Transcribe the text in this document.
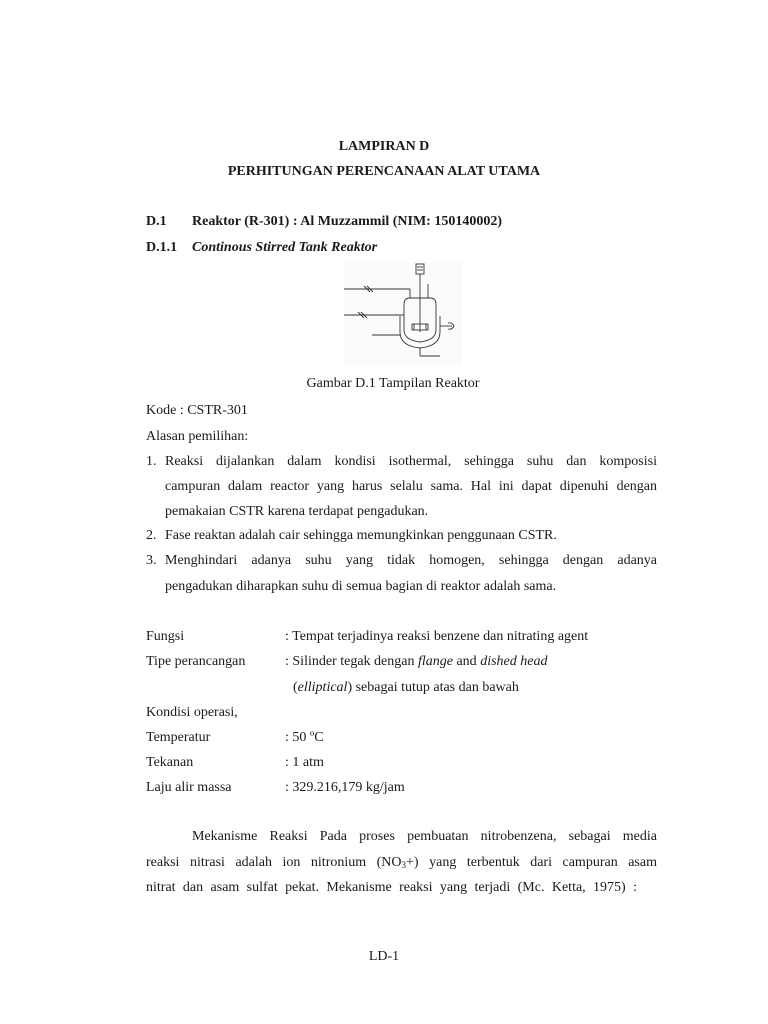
LAMPIRAN D
PERHITUNGAN PERENCANAAN ALAT UTAMA
D.1 Reaktor (R-301) : Al Muzzammil (NIM: 150140002)
D.1.1 Continous Stirred Tank Reaktor
Gambar D.1 Tampilan Reaktor
Kode : CSTR-301
Alasan pemilihan:
1. Reaksi dijalankan dalam kondisi isothermal, sehingga suhu dan komposisi
campuran dalam reactor yang harus selalu sama. Hal ini dapat dipenuhi dengan
pemakaian CSTR karena terdapat pengadukan.
2. Fase reaktan adalah cair sehingga memungkinkan penggunaan CSTR.
3. Menghindari adanya suhu yang tidak homogen, sehingga dengan adanya
pengadukan diharapkan suhu di semua bagian di reaktor adalah sama.
Fungsi	: Tempat terjadinya reaksi benzene dan nitrating agent
Tipe perancangan	: Silinder tegak dengan flange and dished head
(elliptical) sebagai tutup atas dan bawah
Kondisi operasi,
Temperatur	: 50 ºC
Tekanan	: 1 atm
Laju alir massa	: 329.216,179 kg/jam
Mekanisme Reaksi Pada proses pembuatan nitrobenzena, sebagai media
reaksi nitrasi adalah ion nitronium $(NO_3+)$ yang terbentuk dari campuran asam
nitrat dan asam sulfat pekat. Mekanisme reaksi yang terjadi (Mc. Ketta, 1975) :
LD-1
